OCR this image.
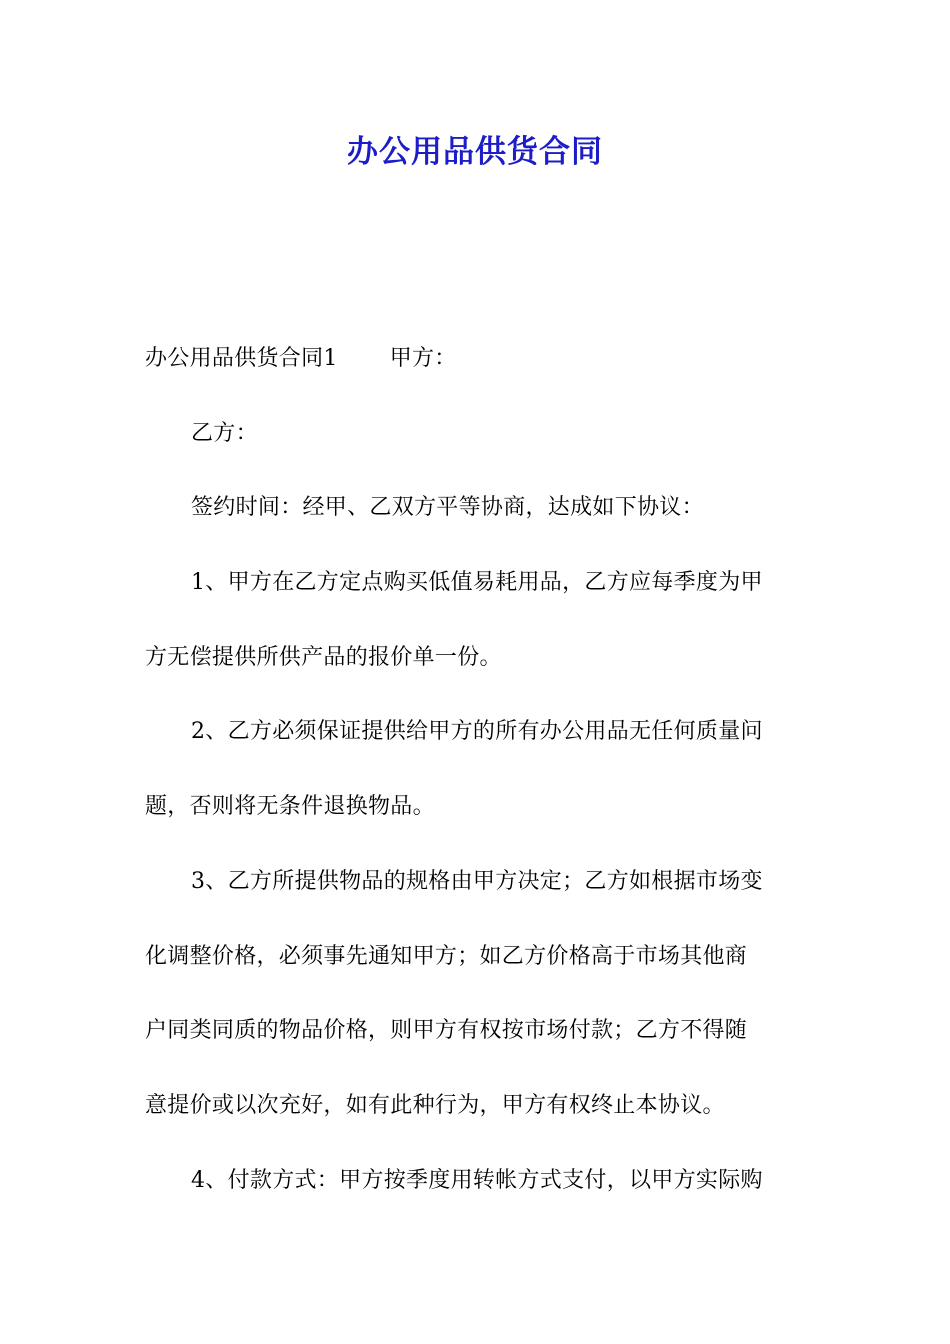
办公用品供货合同
办公用品供货合同1 甲方：
乙方：
签约时间：经甲、乙双方平等协商，达成如下协议：
1、甲方在乙方定点购买低值易耗用品，乙方应每季度为甲
方无偿提供所供产品的报价单一份。
2、乙方必须保证提供给甲方的所有办公用品无任何质量问
题，否则将无条件退换物品。
3、乙方所提供物品的规格由甲方决定；乙方如根据市场变
化调整价格，必须事先通知甲方；如乙方价格高于市场其他商
户同类同质的物品价格，则甲方有权按市场付款；乙方不得随
意提价或以次充好，如有此种行为，甲方有权终止本协议。
4、付款方式：甲方按季度用转帐方式支付，以甲方实际购
